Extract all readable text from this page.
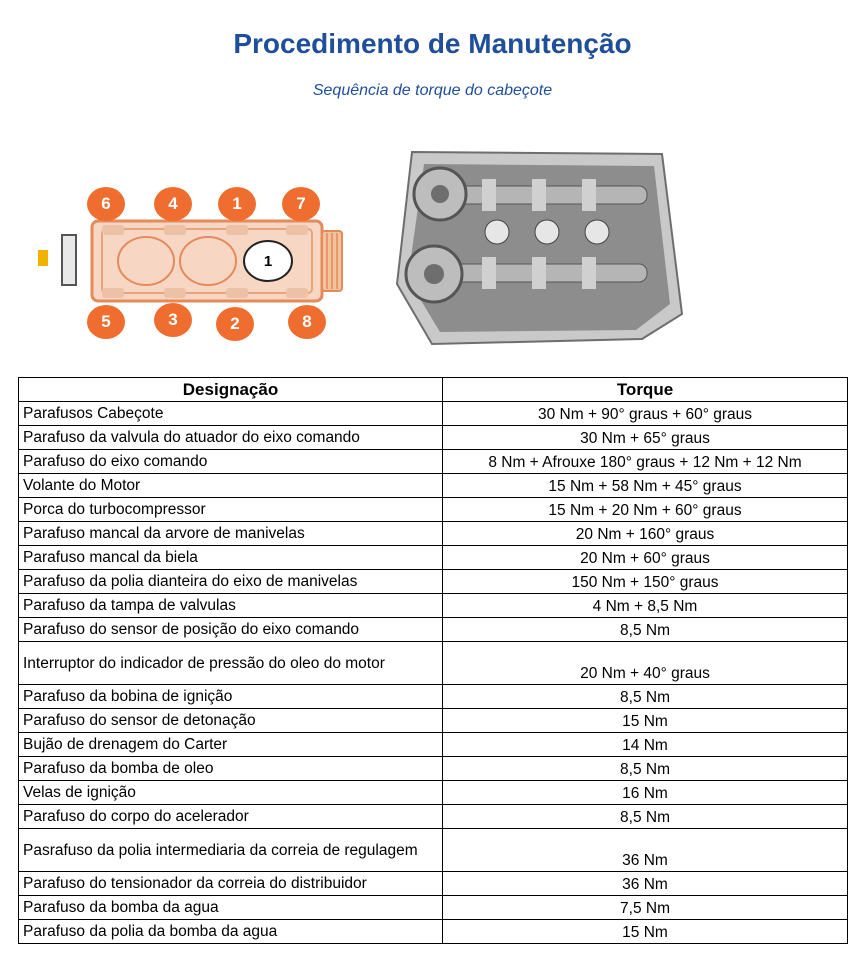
Procedimento de Manutenção
Sequência de torque do cabeçote
6	4	1	7
5	3	2	8
1
Designação	Torque
Parafusos Cabeçote	30 Nm + 90° graus + 60° graus
Parafuso da valvula do atuador do eixo comando	30 Nm + 65° graus
Parafuso do eixo comando	8 Nm + Afrouxe 180° graus + 12 Nm + 12 Nm
Volante do Motor	15 Nm + 58 Nm + 45° graus
Porca do turbocompressor	15 Nm + 20 Nm + 60° graus
Parafuso mancal da arvore de manivelas	20 Nm + 160° graus
Parafuso mancal da biela	20 Nm + 60° graus
Parafuso da polia dianteira do eixo de manivelas	150 Nm + 150° graus
Parafuso da tampa de valvulas	4 Nm + 8,5 Nm
Parafuso do sensor de posição do eixo comando	8,5 Nm
Interruptor do indicador de pressão do oleo do motor	20 Nm + 40° graus
Parafuso da bobina de ignição	8,5 Nm
Parafuso do sensor de detonação	15 Nm
Bujão de drenagem do Carter	14 Nm
Parafuso da bomba de oleo	8,5 Nm
Velas de ignição	16 Nm
Parafuso do corpo do acelerador	8,5 Nm
Pasrafuso da polia intermediaria da correia de regulagem	36 Nm
Parafuso do tensionador da correia do distribuidor	36 Nm
Parafuso da bomba da agua	7,5 Nm
Parafuso da polia da bomba da agua	15 Nm
